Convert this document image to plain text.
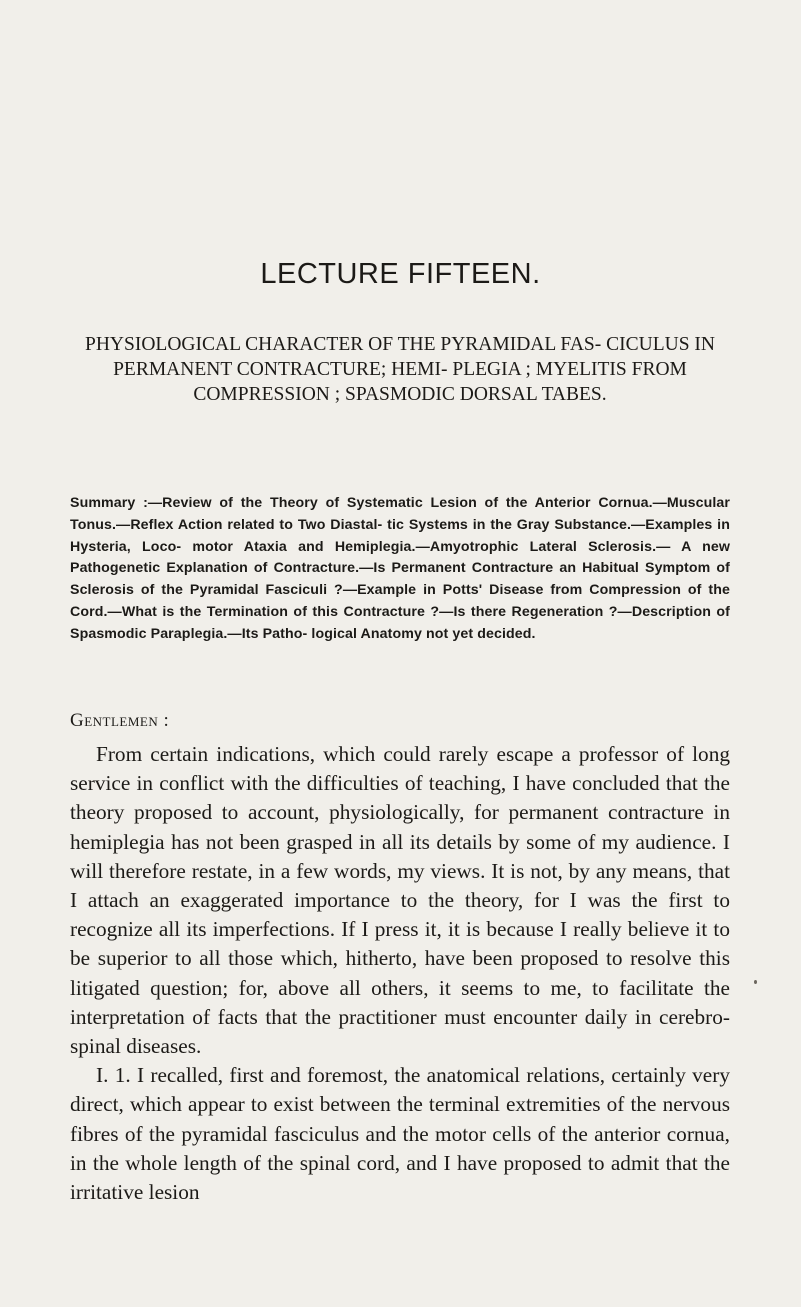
LECTURE FIFTEEN.

PHYSIOLOGICAL CHARACTER OF THE PYRAMIDAL FAS- CICULUS IN PERMANENT CONTRACTURE; HEMI- PLEGIA ; MYELITIS FROM COMPRESSION ; SPASMODIC DORSAL TABES.

Summary :—Review of the Theory of Systematic Lesion of the Anterior Cornua.—Muscular Tonus.—Reflex Action related to Two Diastal- tic Systems in the Gray Substance.—Examples in Hysteria, Loco- motor Ataxia and Hemiplegia.—Amyotrophic Lateral Sclerosis.— A new Pathogenetic Explanation of Contracture.—Is Permanent Contracture an Habitual Symptom of Sclerosis of the Pyramidal Fasciculi ?—Example in Potts' Disease from Compression of the Cord.—What is the Termination of this Contracture ?—Is there Regeneration ?—Description of Spasmodic Paraplegia.—Its Patho- logical Anatomy not yet decided.

Gentlemen :

From certain indications, which could rarely escape a professor of long service in conflict with the difficulties of teaching, I have concluded that the theory proposed to account, physiologically, for permanent contracture in hemiplegia has not been grasped in all its details by some of my audience. I will therefore restate, in a few words, my views. It is not, by any means, that I attach an exaggerated importance to the theory, for I was the first to recognize all its imperfections. If I press it, it is because I really believe it to be superior to all those which, hitherto, have been proposed to resolve this litigated question; for, above all others, it seems to me, to facilitate the interpretation of facts that the practitioner must encounter daily in cerebro-spinal diseases.

I. 1. I recalled, first and foremost, the anatomical relations, certainly very direct, which appear to exist between the terminal extremities of the nervous fibres of the pyramidal fasciculus and the motor cells of the anterior cornua, in the whole length of the spinal cord, and I have proposed to admit that the irritative lesion
